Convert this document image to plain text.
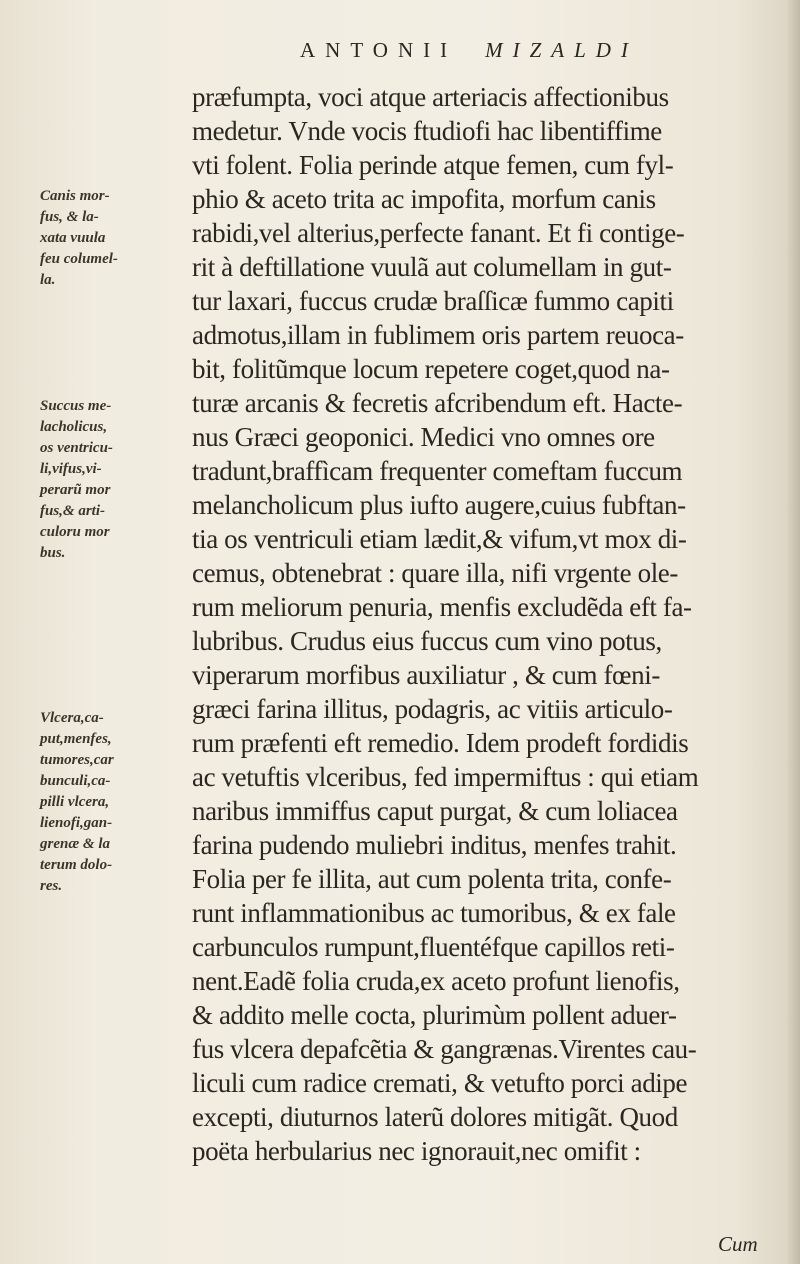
ANTONII MIZALDI
præfumpta, voci atque arteriacis affectionibus
medetur. Vnde vocis ftudiofi hac libentiffime
vti folent. Folia perinde atque femen, cum fyl-
phio & aceto trita ac impofita, morfum canis
rabidi,vel alterius,perfecte fanant. Et fi contige-
rit à deftillatione vuulã aut columellam in gut-
tur laxari, fuccus crudæ braſſicæ fummo capiti
admotus,illam in fublimem oris partem reuoca-
bit, folitũmque locum repetere coget,quod na-
turæ arcanis & fecretis afcribendum eft. Hacte-
nus Græci geoponici. Medici vno omnes ore
tradunt,braffìcam frequenter comeftam fuccum
melancholicum plus iufto augere,cuius fubftan-
tia os ventriculi etiam lædit,& vifum,vt mox di-
cemus, obtenebrat : quare illa, nifi vrgente ole-
rum meliorum penuria, menfis excludẽda eft fa-
lubribus. Crudus eius fuccus cum vino potus,
viperarum morfibus auxiliatur , & cum fœni-
græci farina illitus, podagris, ac vitiis articulo-
rum præfenti eft remedio. Idem prodeft fordidis
ac vetuftis vlceribus, fed impermiftus : qui etiam
naribus immiffus caput purgat, & cum loliacea
farina pudendo muliebri inditus, menfes trahit.
Folia per fe illita, aut cum polenta trita, confe-
runt inflammationibus ac tumoribus, & ex fale
carbunculos rumpunt,fluentéfque capillos reti-
nent.Eadẽ folia cruda,ex aceto profunt lienofis,
& addito melle cocta, plurimùm pollent aduer-
fus vlcera depafcẽtia & gangrænas.Virentes cau-
liculi cum radice cremati, & vetufto porci adipe
excepti, diuturnos laterũ dolores mitigãt. Quod
poëta herbularius nec ignorauit,nec omifit :
Canis mor-
fus, & la-
xata vuula
feu columel-
la.
Succus me-
lacholicus,
os ventricu-
li,vifus,vi-
perarũ mor
fus,& arti-
culoru mor
bus.
Vlcera,ca-
put,menfes,
tumores,car
bunculi,ca-
pilli vlcera,
lienofi,gan-
grenæ & la
terum dolo-
res.
Cum
